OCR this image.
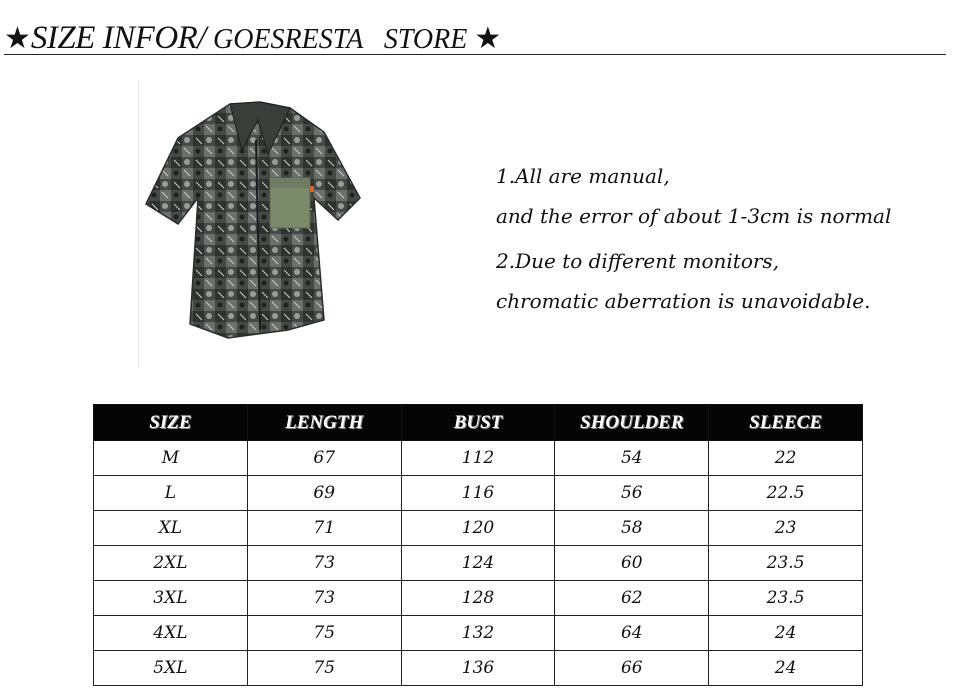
★SIZE INFOR/ GOESRESTA   STORE ★
1.All are manual,
and the error of about 1-3cm is normal
2.Due to different monitors,
chromatic aberration is unavoidable.
SIZE	LENGTH	BUST	SHOULDER	SLEECE
M	67	112	54	22
L	69	116	56	22.5
XL	71	120	58	23
2XL	73	124	60	23.5
3XL	73	128	62	23.5
4XL	75	132	64	24
5XL	75	136	66	24
